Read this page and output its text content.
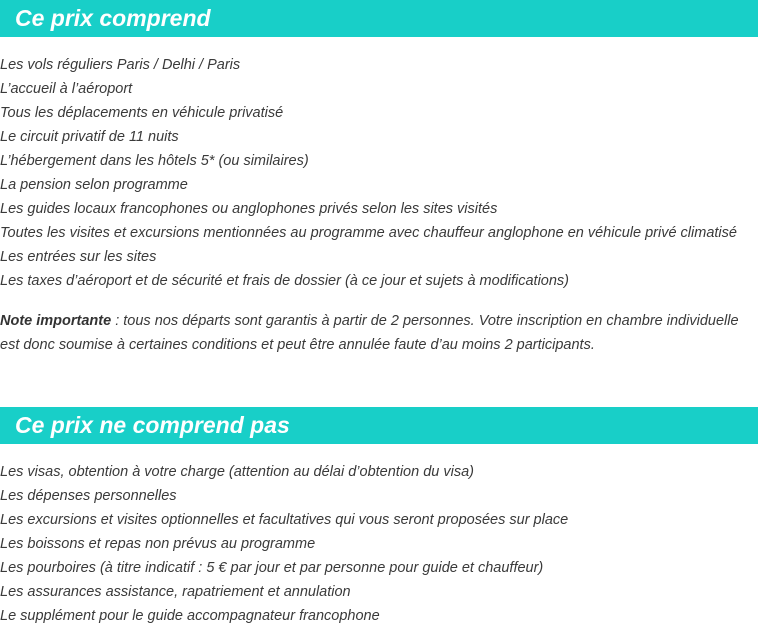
Ce prix comprend
Les vols réguliers Paris / Delhi / Paris
L’accueil à l’aéroport
Tous les déplacements en véhicule privatisé
Le circuit privatif de 11 nuits
L’hébergement dans les hôtels 5* (ou similaires)
La pension selon programme
Les guides locaux francophones ou anglophones privés selon les sites visités
Toutes les visites et excursions mentionnées au programme avec chauffeur anglophone en véhicule privé climatisé
Les entrées sur les sites
Les taxes d’aéroport et de sécurité et frais de dossier (à ce jour et sujets à modifications)

Note importante : tous nos départs sont garantis à partir de 2 personnes. Votre inscription en chambre individuelle est donc soumise à certaines conditions et peut être annulée faute d’au moins 2 participants.

Ce prix ne comprend pas
Les visas, obtention à votre charge (attention au délai d’obtention du visa)
Les dépenses personnelles
Les excursions et visites optionnelles et facultatives qui vous seront proposées sur place
Les boissons et repas non prévus au programme
Les pourboires (à titre indicatif : 5 € par jour et par personne pour guide et chauffeur)
Les assurances assistance, rapatriement et annulation
Le supplément pour le guide accompagnateur francophone
